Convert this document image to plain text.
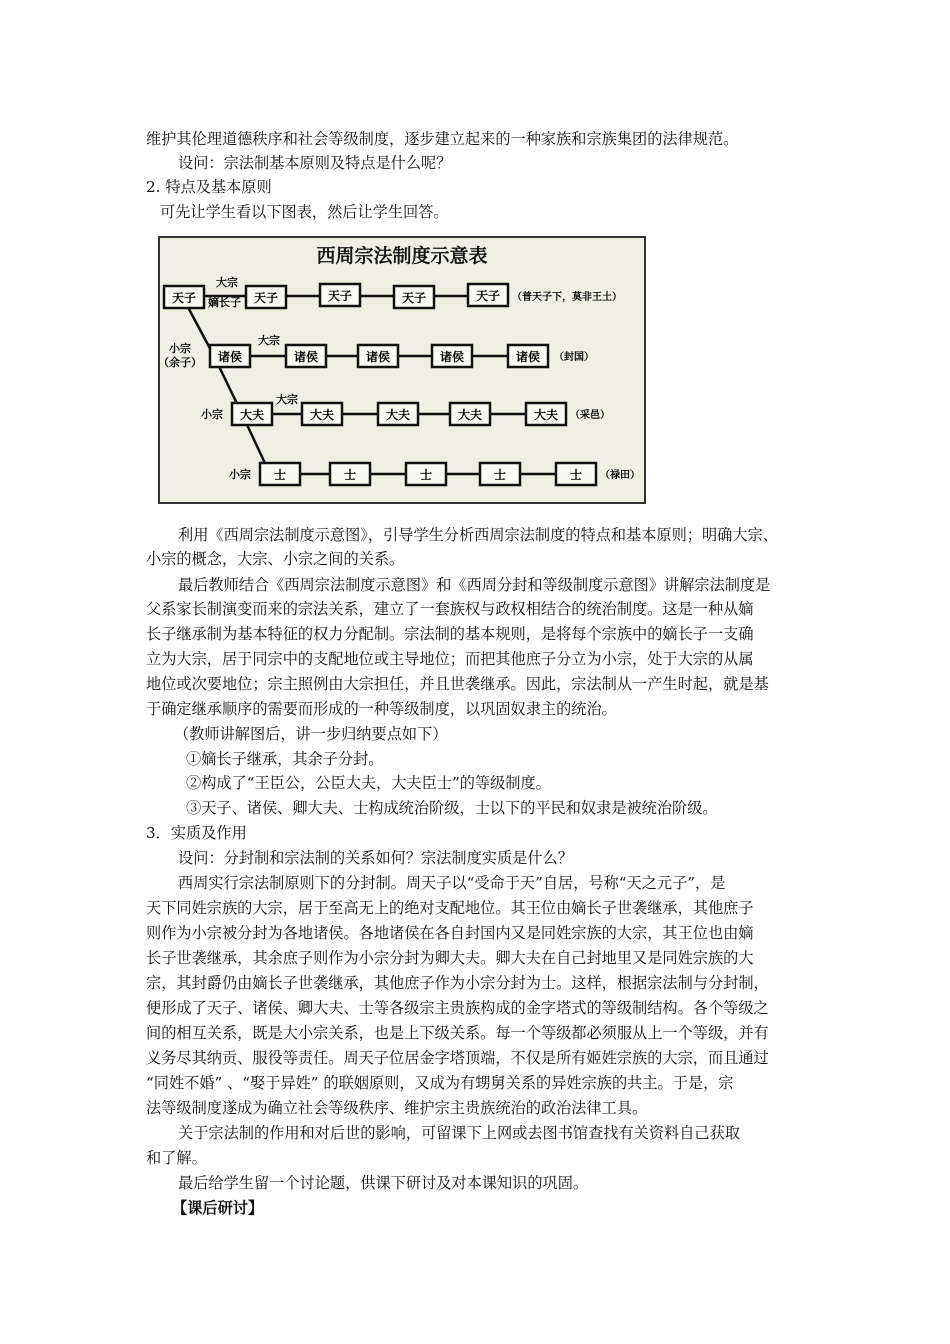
维护其伦理道德秩序和社会等级制度，逐步建立起来的一种家族和宗族集团的法律规范。
设问：宗法制基本原则及特点是什么呢？
2. 特点及基本原则
可先让学生看以下图表，然后让学生回答。
西周宗法制度示意表
天子	天子	天子	天子	天子
大宗
嫡长子	（普天子下，莫非王土）
小宗
（余子） 诸侯	诸侯	诸侯	诸侯	诸侯
大宗
（封国）
小宗 大夫	大夫	大夫	大夫	大夫
大宗
（采邑）
小宗 士	士	士	士	士 （禄田）
利用《西周宗法制度示意图》，引导学生分析西周宗法制度的特点和基本原则；明确大宗、
小宗的概念，大宗、小宗之间的关系。
最后教师结合《西周宗法制度示意图》和《西周分封和等级制度示意图》讲解宗法制度是
父系家长制演变而来的宗法关系，建立了一套族权与政权相结合的统治制度。这是一种从嫡
长子继承制为基本特征的权力分配制。宗法制的基本规则，是将每个宗族中的嫡长子一支确
立为大宗，居于同宗中的支配地位或主导地位；而把其他庶子分立为小宗，处于大宗的从属
地位或次要地位；宗主照例由大宗担任，并且世袭继承。因此，宗法制从一产生时起，就是基
于确定继承顺序的需要而形成的一种等级制度，以巩固奴隶主的统治。
（教师讲解图后，讲一步归纳要点如下）
①嫡长子继承，其余子分封。
②构成了“王臣公，公臣大夫，大夫臣士”的等级制度。
③天子、诸侯、卿大夫、士构成统治阶级，士以下的平民和奴隶是被统治阶级。
3．实质及作用
设问：分封制和宗法制的关系如何？宗法制度实质是什么？
西周实行宗法制原则下的分封制。周天子以“受命于天”自居，号称“天之元子”，是
天下同姓宗族的大宗，居于至高无上的绝对支配地位。其王位由嫡长子世袭继承，其他庶子
则作为小宗被分封为各地诸侯。各地诸侯在各自封国内又是同姓宗族的大宗，其王位也由嫡
长子世袭继承，其余庶子则作为小宗分封为卿大夫。卿大夫在自己封地里又是同姓宗族的大
宗，其封爵仍由嫡长子世袭继承，其他庶子作为小宗分封为士。这样，根据宗法制与分封制，
便形成了天子、诸侯、卿大夫、士等各级宗主贵族构成的金字塔式的等级制结构。各个等级之
间的相互关系，既是大小宗关系，也是上下级关系。每一个等级都必须服从上一个等级，并有
义务尽其纳贡、服役等责任。周天子位居金字塔顶端，不仅是所有姬姓宗族的大宗，而且通过
“同姓不婚” 、“娶于异姓” 的联姻原则，又成为有甥舅关系的异姓宗族的共主。于是，宗
法等级制度遂成为确立社会等级秩序、维护宗主贵族统治的政治法律工具。
关于宗法制的作用和对后世的影响，可留课下上网或去图书馆查找有关资料自己获取
和了解。
最后给学生留一个讨论题，供课下研讨及对本课知识的巩固。
【课后研讨】
